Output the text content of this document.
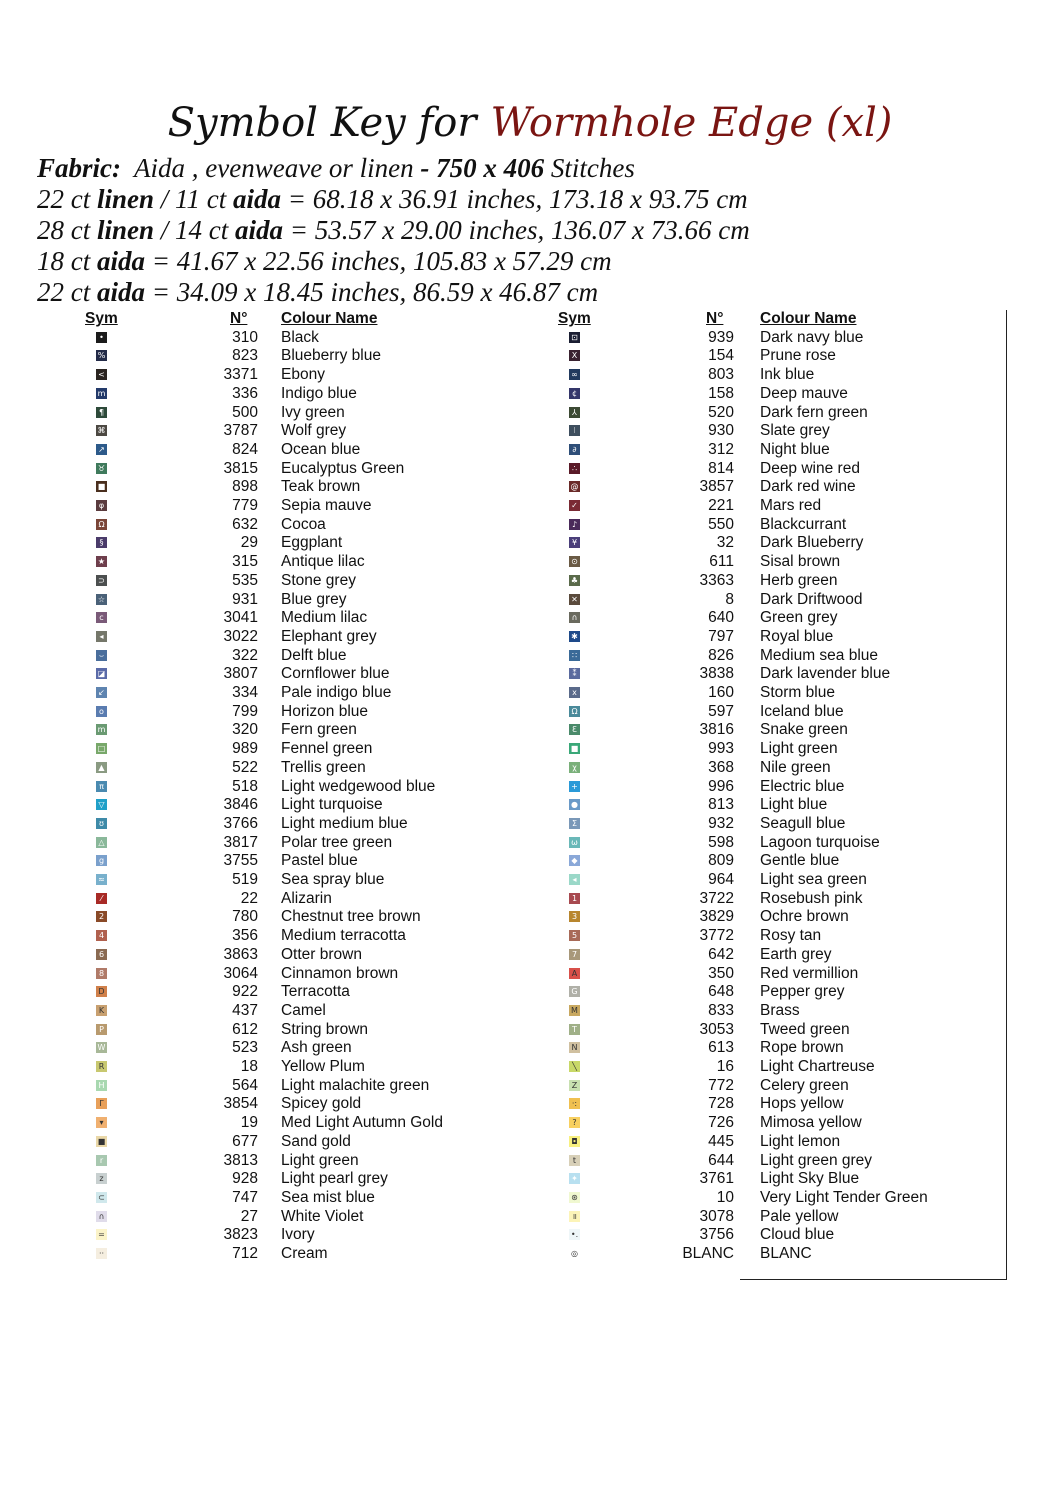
Symbol Key for Wormhole Edge (xl)
Fabric: Aida , evenweave or linen - 750 x 406 Stitches
22 ct linen / 11 ct aida = 68.18 x 36.91 inches, 173.18 x 93.75 cm
28 ct linen / 14 ct aida = 53.57 x 29.00 inches, 136.07 x 73.66 cm
18 ct aida = 41.67 x 22.56 inches, 105.83 x 57.29 cm
22 ct aida = 34.09 x 18.45 inches, 86.59 x 46.87 cm
Sym	N° Colour Name
•	310 Black
%	823 Blueberry blue
<	3371 Ebony
m	336 Indigo blue
¶	500 Ivy green
⌘	3787 Wolf grey
↗	824 Ocean blue
♉	3815 Eucalyptus Green
■	898 Teak brown
φ	779 Sepia mauve
Ω	632 Cocoa
§	29 Eggplant
★	315 Antique lilac
⊃	535 Stone grey
☆	931 Blue grey
c	3041 Medium lilac
◂	3022 Elephant grey
⌣	322 Delft blue
◪	3807 Cornflower blue
↙	334 Pale indigo blue
o	799 Horizon blue
m	320 Fern green
□	989 Fennel green
▲	522 Trellis green
π	518 Light wedgewood blue
▽	3846 Light turquoise
ʊ	3766 Light medium blue
△	3817 Polar tree green
g	3755 Pastel blue
≈	519 Sea spray blue
⁄	22 Alizarin
2	780 Chestnut tree brown
4	356 Medium terracotta
6	3863 Otter brown
8	3064 Cinnamon brown
D	922 Terracotta
K	437 Camel
P	612 String brown
W	523 Ash green
R	18 Yellow Plum
H	564 Light malachite green
Γ	3854 Spicey gold
▾	19 Med Light Autumn Gold
■	677 Sand gold
r	3813 Light green
z	928 Light pearl grey
⊂	747 Sea mist blue
∩	27 White Violet
=	3823 Ivory
··	712 Cream
Sym	N° Colour Name
⊡	939 Dark navy blue
X	154 Prune rose
∞	803 Ink blue
¢	158 Deep mauve
⅄	520 Dark fern green
⁝	930 Slate grey
∂	312 Night blue
∴	814 Deep wine red
@	3857 Dark red wine
✓	221 Mars red
♪	550 Blackcurrant
¥	32 Dark Blueberry
⊙	611 Sisal brown
♣	3363 Herb green
✕	8 Dark Driftwood
∩	640 Green grey
✱	797 Royal blue
∷	826 Medium sea blue
⁑	3838 Dark lavender blue
x	160 Storm blue
Ω	597 Iceland blue
Ɛ	3816 Snake green
■	993 Light green
χ	368 Nile green
+	996 Electric blue
●	813 Light blue
Σ	932 Seagull blue
ω	598 Lagoon turquoise
◆	809 Gentle blue
◂	964 Light sea green
1	3722 Rosebush pink
3	3829 Ochre brown
5	3772 Rosy tan
7	642 Earth grey
A	350 Red vermillion
G	648 Pepper grey
M	833 Brass
T	3053 Tweed green
N	613 Rope brown
╲	16 Light Chartreuse
Z	772 Celery green
·:	728 Hops yellow
?	726 Mimosa yellow
◘	445 Light lemon
t	644 Light green grey
✦	3761 Light Sky Blue
⊛	10 Very Light Tender Green
॥	3078 Pale yellow
•.	3756 Cloud blue
◎	BLANC BLANC
